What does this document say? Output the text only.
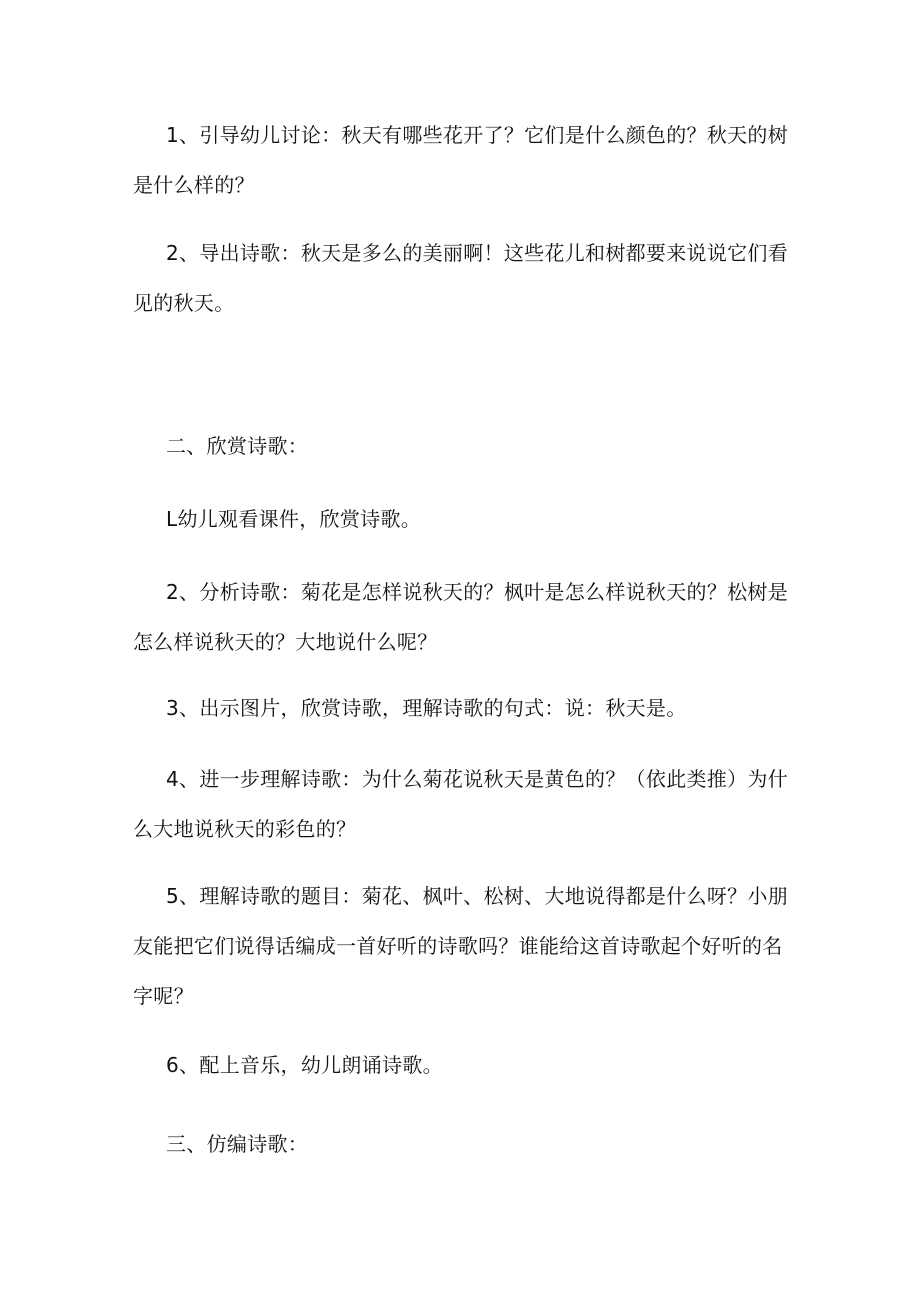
1、引导幼儿讨论：秋天有哪些花开了？它们是什么颜色的？秋天的树是什么样的？

2、导出诗歌：秋天是多么的美丽啊！这些花儿和树都要来说说它们看见的秋天。

二、欣赏诗歌：

L幼儿观看课件，欣赏诗歌。

2、分析诗歌：菊花是怎样说秋天的？枫叶是怎么样说秋天的？松树是怎么样说秋天的？大地说什么呢？

3、出示图片，欣赏诗歌，理解诗歌的句式：说：秋天是。

4、进一步理解诗歌：为什么菊花说秋天是黄色的？（依此类推）为什么大地说秋天的彩色的？

5、理解诗歌的题目：菊花、枫叶、松树、大地说得都是什么呀？小朋友能把它们说得话编成一首好听的诗歌吗？谁能给这首诗歌起个好听的名字呢？

6、配上音乐，幼儿朗诵诗歌。

三、仿编诗歌：
